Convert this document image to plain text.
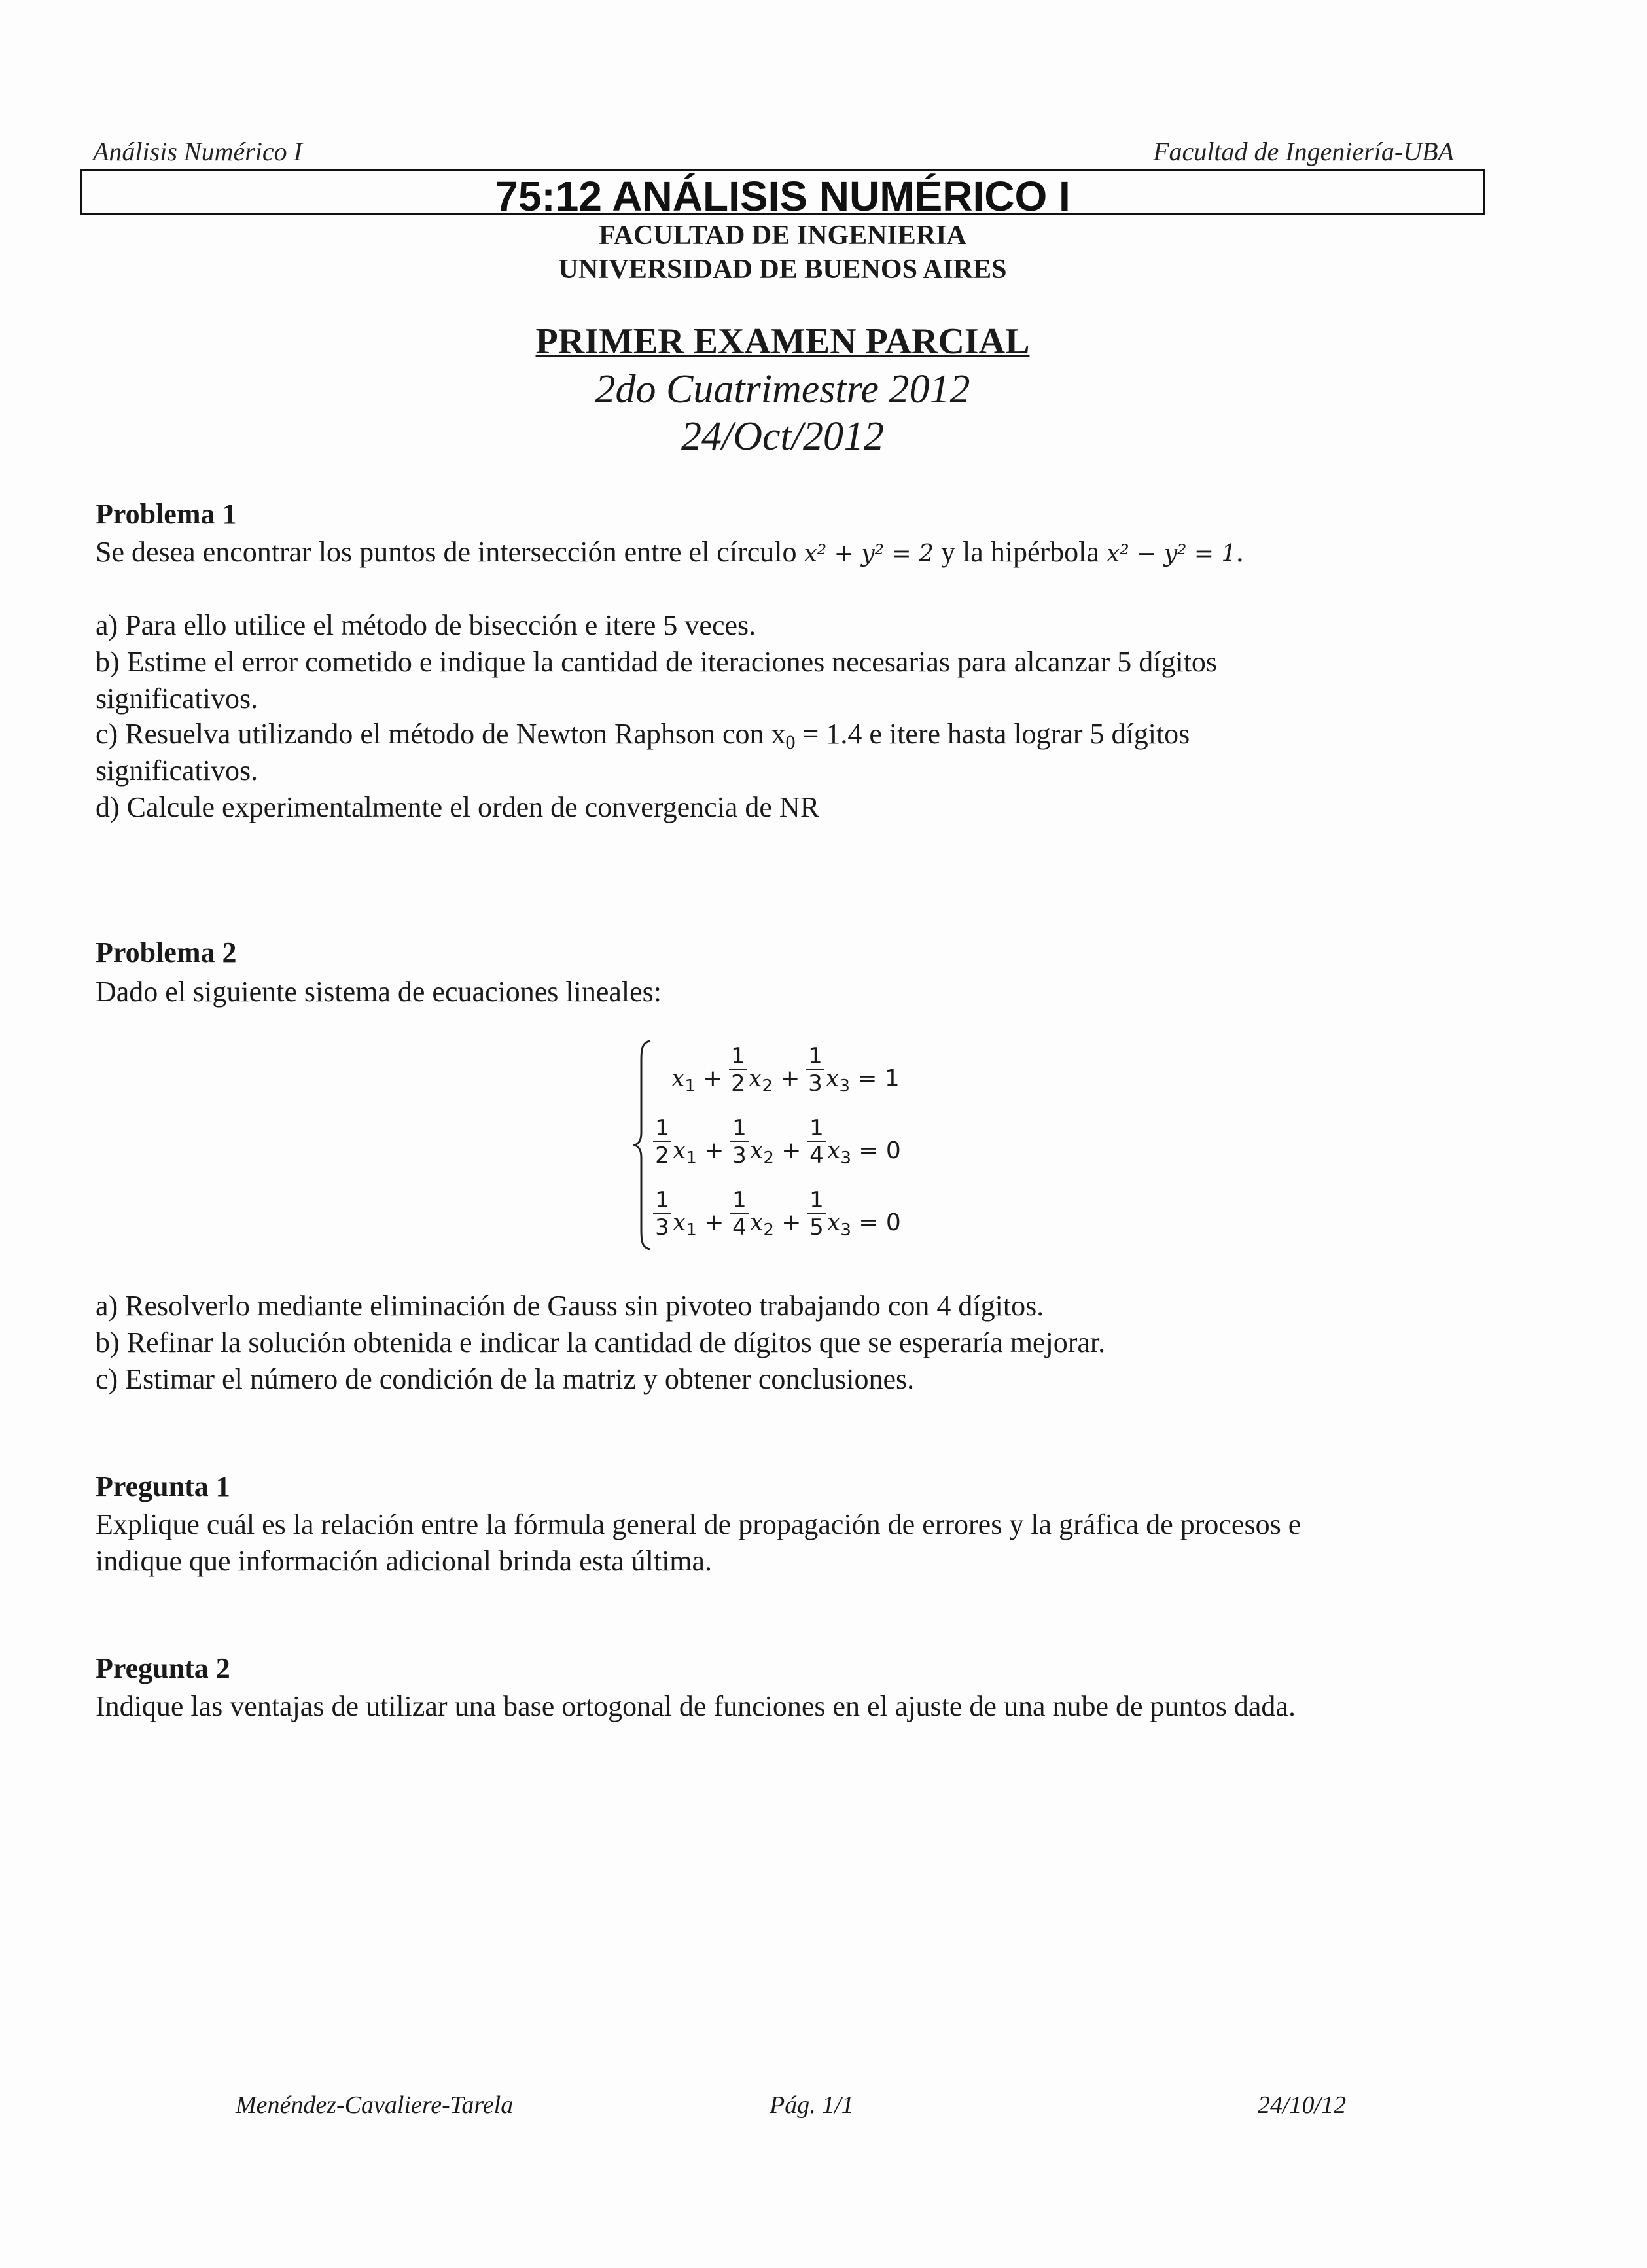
Análisis Numérico I	Facultad de Ingeniería-UBA
75:12 ANÁLISIS NUMÉRICO I
FACULTAD DE INGENIERIA
UNIVERSIDAD DE BUENOS AIRES
PRIMER EXAMEN PARCIAL
2do Cuatrimestre 2012
24/Oct/2012
Problema 1
Se desea encontrar los puntos de intersección entre el círculo x² + y² = 2 y la hipérbola x² − y² = 1.
a) Para ello utilice el método de bisección e itere 5 veces.
b) Estime el error cometido e indique la cantidad de iteraciones necesarias para alcanzar 5 dígitos
significativos.
c) Resuelva utilizando el método de Newton Raphson con $x_0 = 1.4$ e itere hasta lograr 5 dígitos
significativos.
d) Calcule experimentalmente el orden de convergencia de NR
Problema 2
Dado el siguiente sistema de ecuaciones lineales:
$x_1 + \frac{1}{2} x_2 + \frac{1}{3} x_3 = 1$
$\frac{1}{2} x_1 + \frac{1}{3} x_2 + \frac{1}{4} x_3 = 0$
$\frac{1}{3} x_1 + \frac{1}{4} x_2 + \frac{1}{5} x_3 = 0$
a) Resolverlo mediante eliminación de Gauss sin pivoteo trabajando con 4 dígitos.
b) Refinar la solución obtenida e indicar la cantidad de dígitos que se esperaría mejorar.
c) Estimar el número de condición de la matriz y obtener conclusiones.
Pregunta 1
Explique cuál es la relación entre la fórmula general de propagación de errores y la gráfica de procesos e
indique que información adicional brinda esta última.
Pregunta 2
Indique las ventajas de utilizar una base ortogonal de funciones en el ajuste de una nube de puntos dada.
Menéndez-Cavaliere-Tarela	Pág. 1/1	24/10/12
